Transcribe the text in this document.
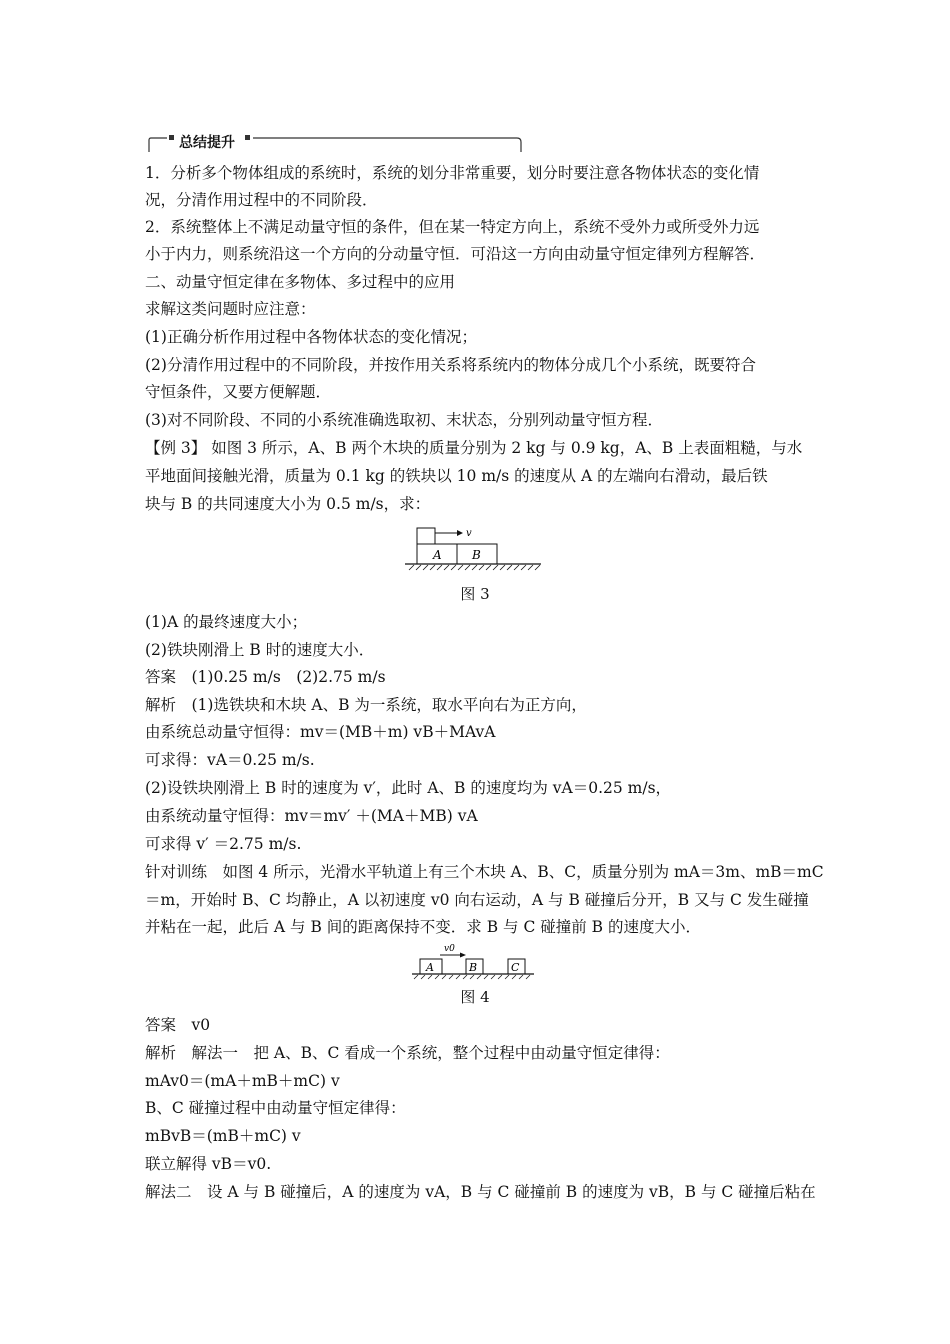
总结提升
1．分析多个物体组成的系统时，系统的划分非常重要，划分时要注意各物体状态的变化情
况，分清作用过程中的不同阶段．
2．系统整体上不满足动量守恒的条件，但在某一特定方向上，系统不受外力或所受外力远
小于内力，则系统沿这一个方向的分动量守恒．可沿这一方向由动量守恒定律列方程解答．
二、动量守恒定律在多物体、多过程中的应用
求解这类问题时应注意：
(1)正确分析作用过程中各物体状态的变化情况；
(2)分清作用过程中的不同阶段，并按作用关系将系统内的物体分成几个小系统，既要符合
守恒条件，又要方便解题．
(3)对不同阶段、不同的小系统准确选取初、末状态，分别列动量守恒方程．
【例 3】 如图 3 所示，A、B 两个木块的质量分别为 2 kg 与 0.9 kg，A、B 上表面粗糙，与水
平地面间接触光滑，质量为 0.1 kg 的铁块以 10 m/s 的速度从 A 的左端向右滑动，最后铁
块与 B 的共同速度大小为 0.5 m/s，求：
v
A	B
图 3
(1)A 的最终速度大小；
(2)铁块刚滑上 B 时的速度大小．
答案　(1)0.25 m/s　(2)2.75 m/s
解析　(1)选铁块和木块 A、B 为一系统，取水平向右为正方向，
由系统总动量守恒得：mv＝(MB＋m) vB＋MAvA
可求得：vA＝0.25 m/s.
(2)设铁块刚滑上 B 时的速度为 v′，此时 A、B 的速度均为 vA＝0.25 m/s，
由系统动量守恒得：mv＝mv′ ＋(MA＋MB) vA
可求得 v′ ＝2.75 m/s.
针对训练　如图 4 所示，光滑水平轨道上有三个木块 A、B、C，质量分别为 mA＝3m、mB＝mC
＝m，开始时 B、C 均静止，A 以初速度 v0 向右运动，A 与 B 碰撞后分开，B 又与 C 发生碰撞
并粘在一起，此后 A 与 B 间的距离保持不变．求 B 与 C 碰撞前 B 的速度大小．
v0
A	B	C
图 4
答案　v0
解析　解法一　把 A、B、C 看成一个系统，整个过程中由动量守恒定律得：
mAv0＝(mA＋mB＋mC) v
B、C 碰撞过程中由动量守恒定律得：
mBvB＝(mB＋mC) v
联立解得 vB＝v0.
解法二　设 A 与 B 碰撞后，A 的速度为 vA，B 与 C 碰撞前 B 的速度为 vB，B 与 C 碰撞后粘在
